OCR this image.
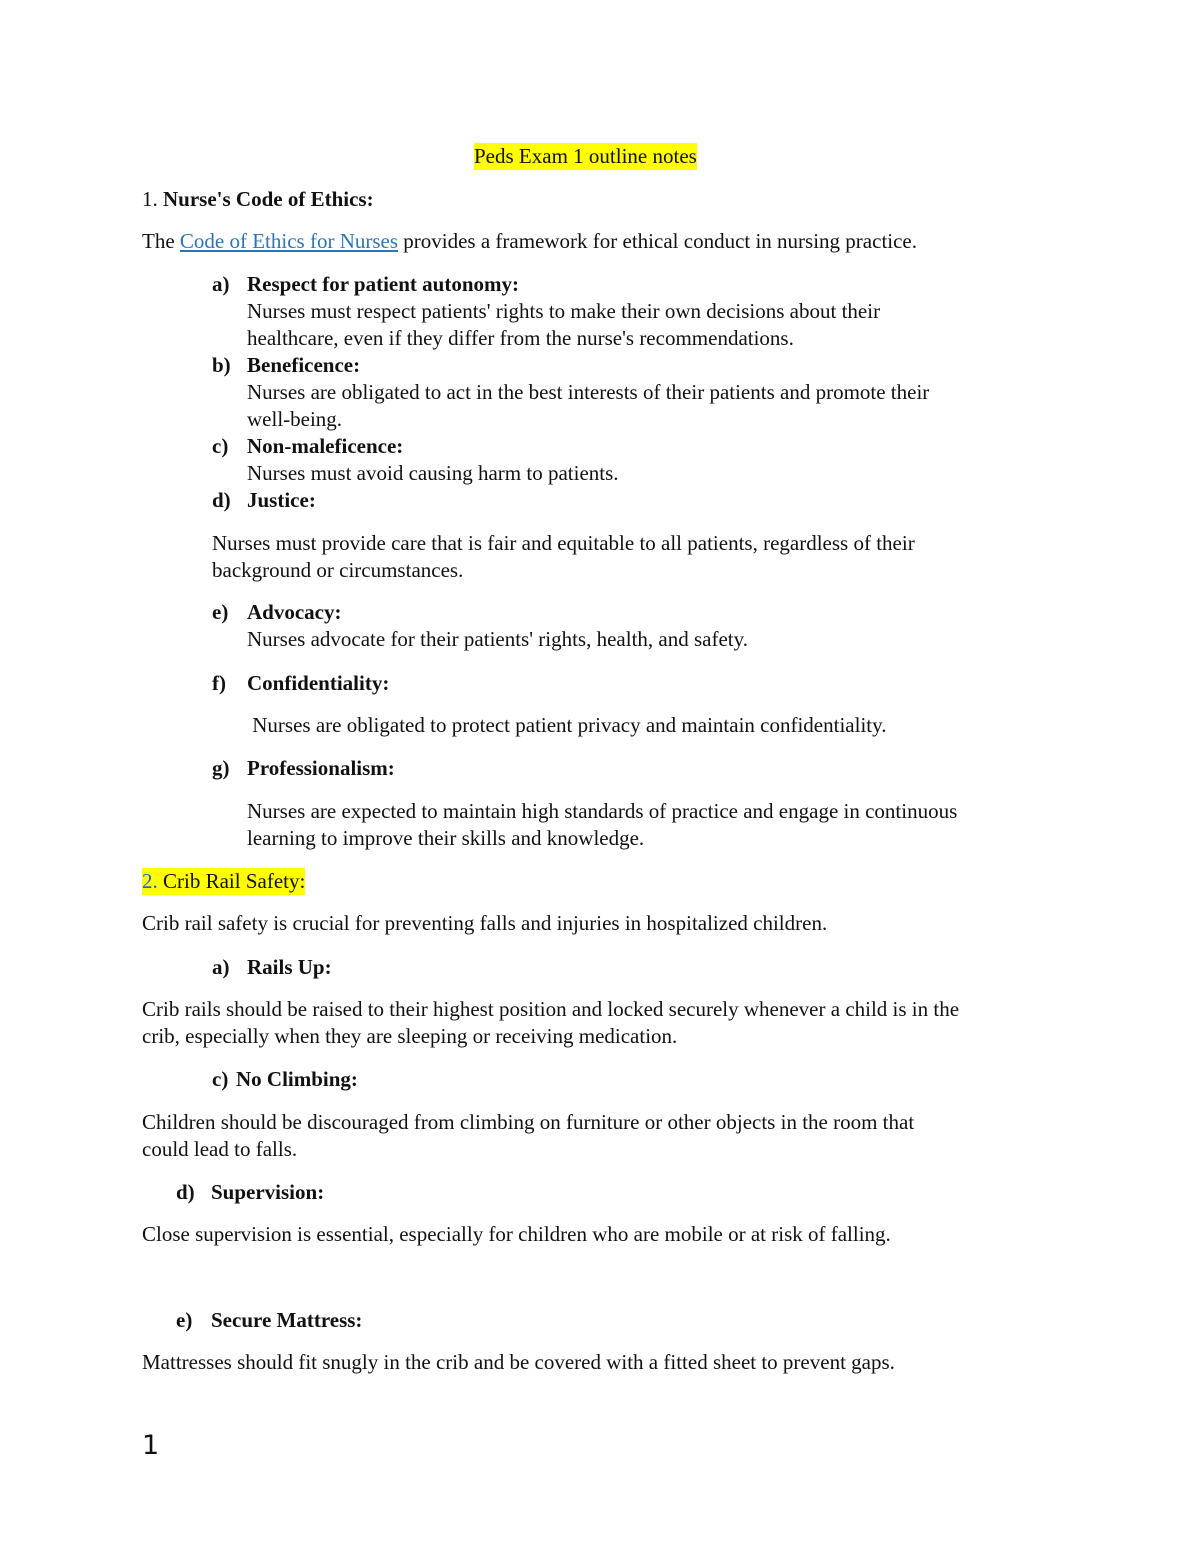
Peds Exam 1 outline notes
1. Nurse's Code of Ethics:
The Code of Ethics for Nurses provides a framework for ethical conduct in nursing practice.
a) Respect for patient autonomy:
Nurses must respect patients' rights to make their own decisions about their
healthcare, even if they differ from the nurse's recommendations.
b) Beneficence:
Nurses are obligated to act in the best interests of their patients and promote their
well-being.
c) Non-maleficence:
Nurses must avoid causing harm to patients.
d) Justice:
Nurses must provide care that is fair and equitable to all patients, regardless of their
background or circumstances.
e) Advocacy:
Nurses advocate for their patients' rights, health, and safety.
f) Confidentiality:
Nurses are obligated to protect patient privacy and maintain confidentiality.
g) Professionalism:
Nurses are expected to maintain high standards of practice and engage in continuous
learning to improve their skills and knowledge.
2. Crib Rail Safety:
Crib rail safety is crucial for preventing falls and injuries in hospitalized children.
a) Rails Up:
Crib rails should be raised to their highest position and locked securely whenever a child is in the
crib, especially when they are sleeping or receiving medication.
c) No Climbing:
Children should be discouraged from climbing on furniture or other objects in the room that
could lead to falls.
d) Supervision:
Close supervision is essential, especially for children who are mobile or at risk of falling.
e) Secure Mattress:
Mattresses should fit snugly in the crib and be covered with a fitted sheet to prevent gaps.
1
